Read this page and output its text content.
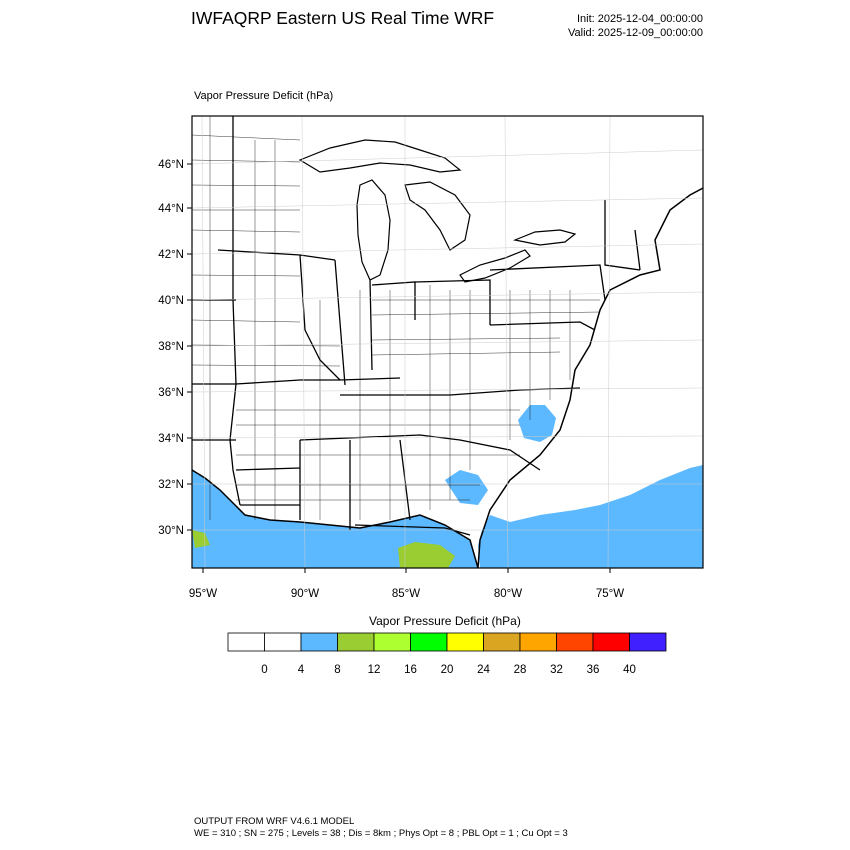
IWFAQRP Eastern US Real Time WRF	Init: 2025-12-04_00:00:00
Valid: 2025-12-09_00:00:00
Vapor Pressure Deficit (hPa)
46°N
44°N
42°N
40°N
38°N
36°N
34°N
32°N
30°N
95°W	90°W	85°W	80°W	75°W
0	4	8 12 16 20 24 28 32 36 40
Vapor Pressure Deficit (hPa)
OUTPUT FROM WRF V4.6.1 MODEL
WE = 310 ; SN = 275 ; Levels = 38 ; Dis = 8km ; Phys Opt = 8 ; PBL Opt = 1 ; Cu Opt = 3
